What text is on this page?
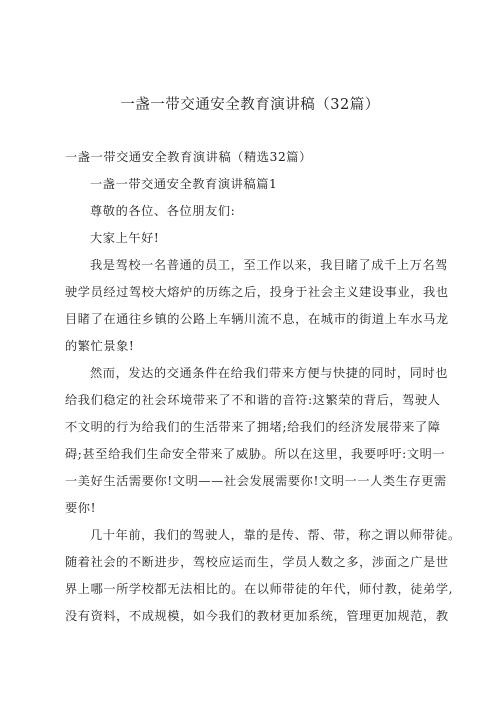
一盏一带交通安全教育演讲稿（32篇）
一盏一带交通安全教育演讲稿（精选32篇）
一盏一带交通安全教育演讲稿篇1
尊敬的各位、各位朋友们:
大家上午好!
我是驾校一名普通的员工，至工作以来，我目睹了成千上万名驾
驶学员经过驾校大熔炉的历练之后，投身于社会主义建设事业，我也
目睹了在通往乡镇的公路上车辆川流不息，在城市的街道上车水马龙
的繁忙景象!
然而，发达的交通条件在给我们带来方便与快捷的同时，同时也
给我们稳定的社会环境带来了不和谐的音符:这繁荣的背后，驾驶人
不文明的行为给我们的生活带来了拥堵;给我们的经济发展带来了障
碍;甚至给我们生命安全带来了威胁。所以在这里，我要呼吁:文明一
一美好生活需要你!文明——社会发展需要你!文明一一人类生存更需
要你!
几十年前，我们的驾驶人，靠的是传、帮、带，称之谓以师带徒。
随着社会的不断进步，驾校应运而生，学员人数之多，涉面之广是世
界上哪一所学校都无法相比的。在以师带徒的年代，师付教，徒弟学,
没有资料，不成规模，如今我们的教材更加系统，管理更加规范，教
